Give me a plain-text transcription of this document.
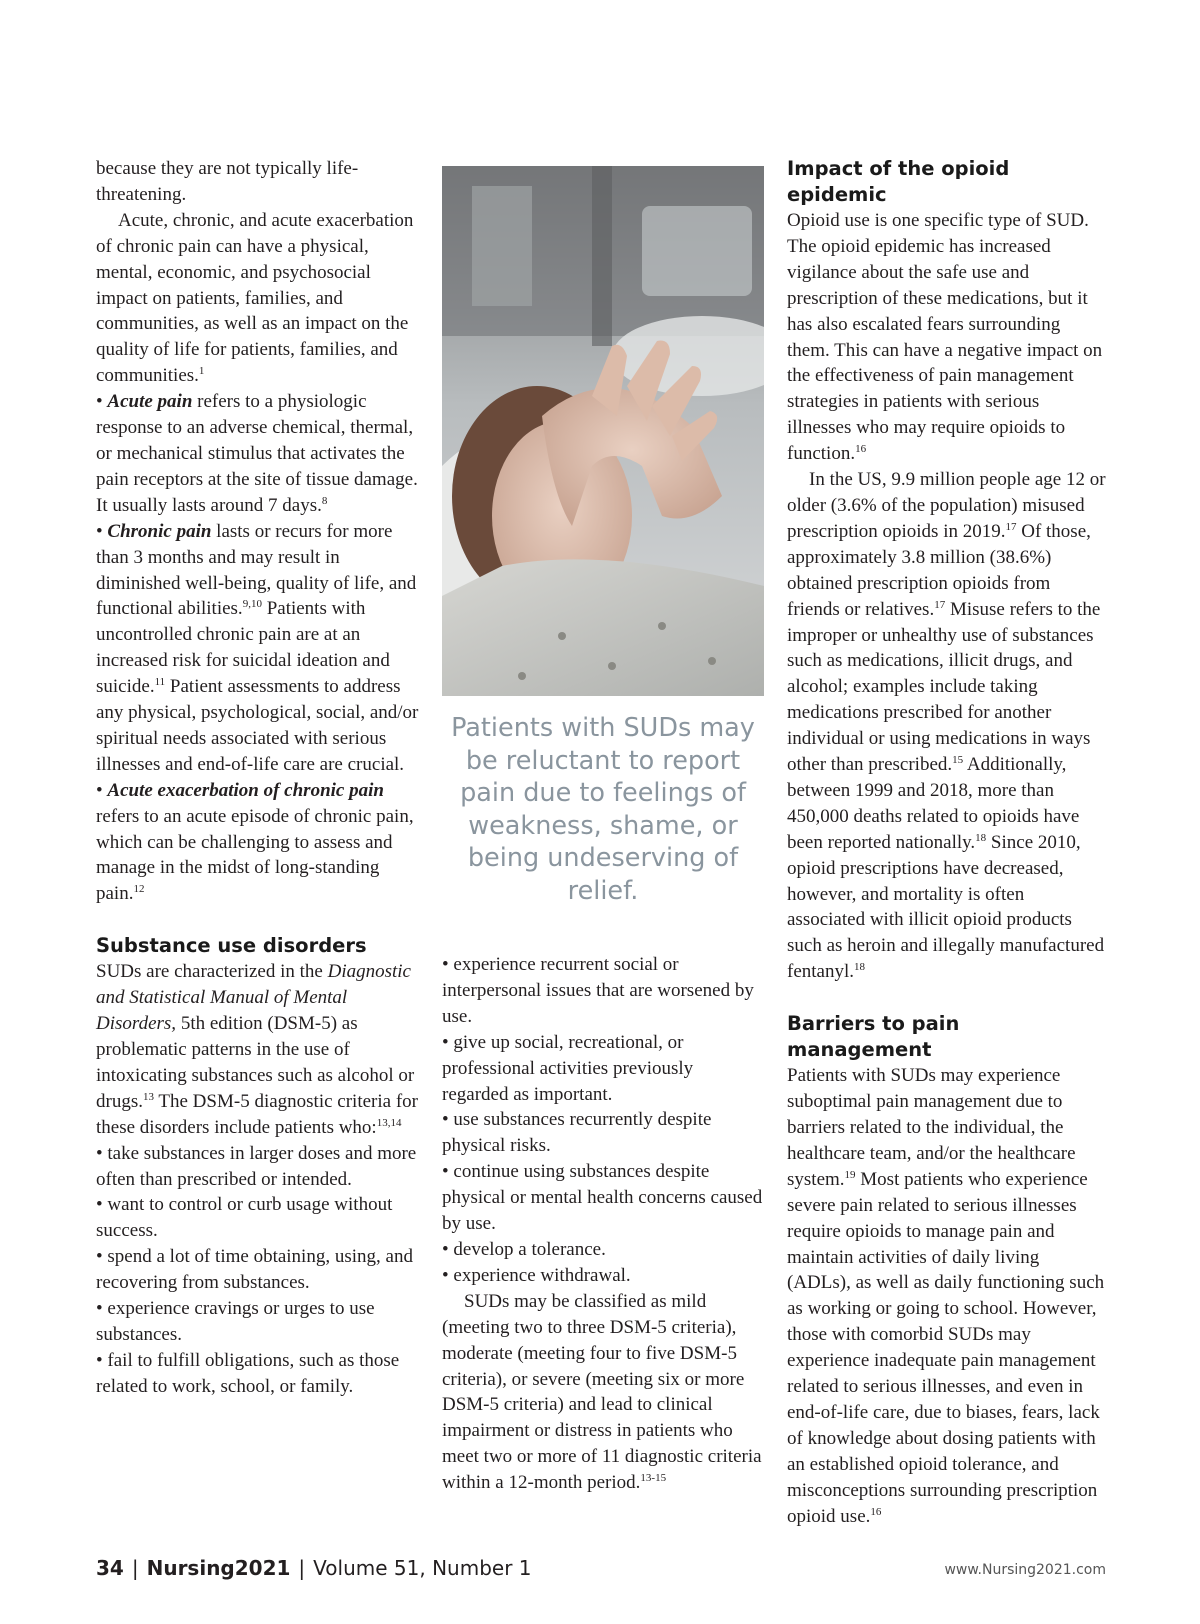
because they are not typically life-threatening.

Acute, chronic, and acute exacerbation of chronic pain can have a physical, mental, economic, and psychosocial impact on patients, families, and communities, as well as an impact on the quality of life for patients, families, and communities.$^1$

• Acute pain refers to a physiologic response to an adverse chemical, thermal, or mechanical stimulus that activates the pain receptors at the site of tissue damage. It usually lasts around 7 days.$^8$

• Chronic pain lasts or recurs for more than 3 months and may result in diminished well-being, quality of life, and functional abilities.$^{9,10}$ Patients with uncontrolled chronic pain are at an increased risk for suicidal ideation and suicide.$^{11}$ Patient assessments to address any physical, psychological, social, and/or spiritual needs associated with serious illnesses and end-of-life care are crucial.

• Acute exacerbation of chronic pain refers to an acute episode of chronic pain, which can be challenging to assess and manage in the midst of long-standing pain.$^{12}$

Substance use disorders

SUDs are characterized in the Diagnostic and Statistical Manual of Mental Disorders, 5th edition (DSM-5) as problematic patterns in the use of intoxicating substances such as alcohol or drugs.$^{13}$ The DSM-5 diagnostic criteria for these disorders include patients who:$^{13,14}$

• take substances in larger doses and more often than prescribed or intended.

• want to control or curb usage without success.

• spend a lot of time obtaining, using, and recovering from substances.

• experience cravings or urges to use substances.

• fail to fulfill obligations, such as those related to work, school, or family.

Patients with SUDs may be reluctant to report pain due to feelings of weakness, shame, or being undeserving of relief.

• experience recurrent social or interpersonal issues that are worsened by use.

• give up social, recreational, or professional activities previously regarded as important.

• use substances recurrently despite physical risks.

• continue using substances despite physical or mental health concerns caused by use.

• develop a tolerance.

• experience withdrawal.

SUDs may be classified as mild (meeting two to three DSM-5 criteria), moderate (meeting four to five DSM-5 criteria), or severe (meeting six or more DSM-5 criteria) and lead to clinical impairment or distress in patients who meet two or more of 11 diagnostic criteria within a 12-month period.$^{13-15}$

Impact of the opioid epidemic

Opioid use is one specific type of SUD. The opioid epidemic has increased vigilance about the safe use and prescription of these medications, but it has also escalated fears surrounding them. This can have a negative impact on the effectiveness of pain management strategies in patients with serious illnesses who may require opioids to function.$^{16}$

In the US, 9.9 million people age 12 or older (3.6% of the population) misused prescription opioids in 2019.17 Of those, approximately 3.8 million (38.6%) obtained prescription opioids from friends or relatives.$^{17}$ Misuse refers to the improper or unhealthy use of substances such as medications, illicit drugs, and alcohol; examples include taking medications prescribed for another individual or using medications in ways other than prescribed.$^{15}$ Additionally, between 1999 and 2018, more than 450,000 deaths related to opioids have been reported nationally.$^{18}$ Since 2010, opioid prescriptions have decreased, however, and mortality is often associated with illicit opioid products such as heroin and illegally manufactured fentanyl.$^{18}$

Barriers to pain management

Patients with SUDs may experience suboptimal pain management due to barriers related to the individual, the healthcare team, and/or the healthcare system.$^{19}$ Most patients who experience severe pain related to serious illnesses require opioids to manage pain and maintain activities of daily living (ADLs), as well as daily functioning such as working or going to school. However, those with comorbid SUDs may experience inadequate pain management related to serious illnesses, and even in end-of-life care, due to biases, fears, lack of knowledge about dosing patients with an established opioid tolerance, and misconceptions surrounding prescription opioid use.$^{16}$

34 | Nursing2021 | Volume 51, Number 1	www.Nursing2021.com
